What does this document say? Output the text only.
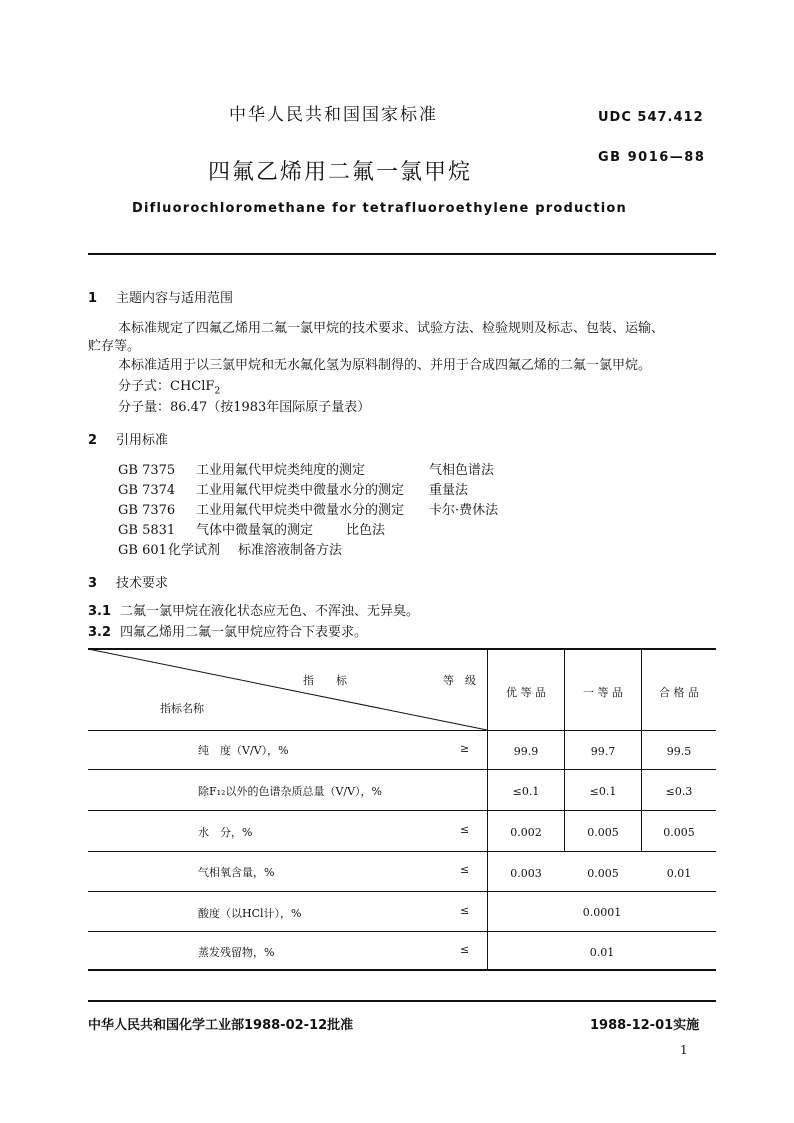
中华人民共和国国家标准	UDC 547.412
四氟乙烯用二氟一氯甲烷
GB 9016—88
Difluorochloromethane for tetrafluoroethylene production
1 主题内容与适用范围
本标准规定了四氟乙烯用二氟一氯甲烷的技术要求、试验方法、检验规则及标志、包装、运输、
贮存等。
本标准适用于以三氯甲烷和无水氟化氢为原料制得的、并用于合成四氟乙烯的二氟一氯甲烷。
分子式：CHClF$_2$
分子量：86.47（按1983年国际原子量表）
2 引用标准
GB 7375 工业用氟代甲烷类纯度的测定	气相色谱法
GB 7374 工业用氟代甲烷类中微量水分的测定 重量法
GB 7376 工业用氟代甲烷类中微量水分的测定 卡尔·费休法
GB 5831 气体中微量氧的测定	比色法
GB 601化学试剂 标准溶液制备方法
3 技术要求
3.1 二氟一氯甲烷在液化状态应无色、不浑浊、无异臭。
3.2 四氟乙烯用二氟一氯甲烷应符合下表要求。
指　　标	等　级
指标名称
优 等 品	一 等 品	合 格 品
纯　度（V/V），%	≥	99.9	99.7	99.5
除F₁₂以外的色谱杂质总量（V/V），%	≤0.1	≤0.1	≤0.3
水　分，%	≤	0.002	0.005	0.005
气相氧含量，%	≤	0.003	0.005	0.01
酸度（以HCl计），%	≤	0.0001
蒸发残留物，%	≤	0.01
中华人民共和国化学工业部1988-02-12批准	1988-12-01实施
1
